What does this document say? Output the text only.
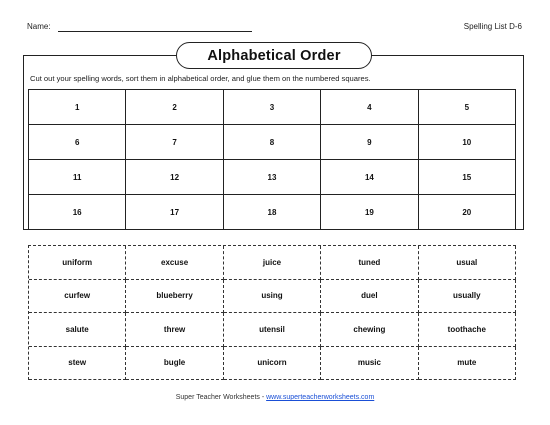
Name:	Spelling List D-6
Alphabetical Order
Cut out your spelling words, sort them in alphabetical order, and glue them on the numbered squares.
1	2	3	4	5
6	7	8	9	10
11	12	13	14	15
16	17	18	19	20
uniform	excuse	juice	tuned	usual
curfew	blueberry	using	duel	usually
salute	threw	utensil	chewing	toothache
stew	bugle	unicorn	music	mute
Super Teacher Worksheets - www.superteacherworksheets.com
